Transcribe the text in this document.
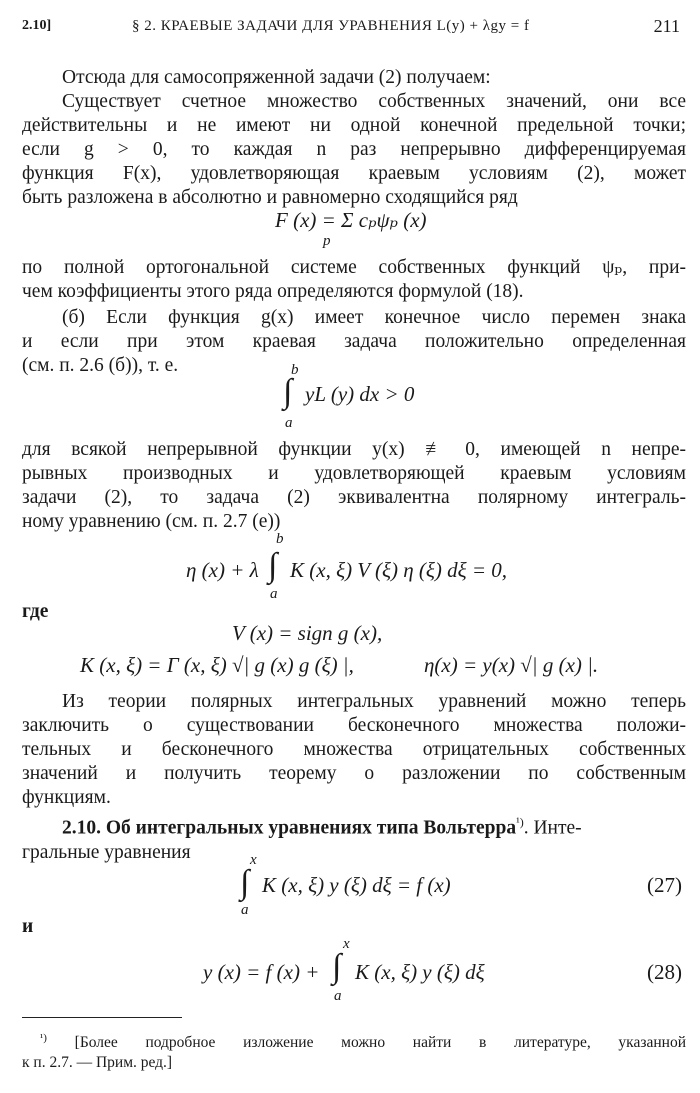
2.10]	§ 2. КРАЕВЫЕ ЗАДАЧИ ДЛЯ УРАВНЕНИЯ L(y) + λgy = f	211
Отсюда для самосопряженной задачи (2) получаем:
Существует счетное множество собственных значений, они все
действительны и не имеют ни одной конечной предельной точки;
если g > 0, то каждая n раз непрерывно дифференцируемая
функция F(x), удовлетворяющая краевым условиям (2), может
быть разложена в абсолютно и равномерно сходящийся ряд
F (x) = Σ cₚψₚ (x)
p
по полной ортогональной системе собственных функций ψₚ, при-
чем коэффициенты этого ряда определяются формулой (18).
(б) Если функция g(x) имеет конечное число перемен знака
и если при этом краевая задача положительно определенная
(см. п. 2.6 (б)), т. е.	b
∫ yL (y) dx > 0
a
для всякой непрерывной функции y(x) ≢ 0, имеющей n непре-
рывных производных и удовлетворяющей краевым условиям
задачи (2), то задача (2) эквивалентна полярному интеграль-
ному уравнению (см. п. 2.7 (е))
b
η (x) + λ ∫ K (x, ξ) V (ξ) η (ξ) dξ = 0,
a
где
V (x) = sign g (x),
K (x, ξ) = Γ (x, ξ) √| g (x) g (ξ) |,	η(x) = y(x) √| g (x) |.
Из теории полярных интегральных уравнений можно теперь
заключить о существовании бесконечного множества положи-
тельных и бесконечного множества отрицательных собственных
значений и получить теорему о разложении по собственным
функциям.
2.10. Об интегральных уравнениях типа Вольтерра$^{^1)}$. Инте-
гральные уравнения	x
∫ K (x, ξ) y (ξ) dξ = f (x)
a
(27)
и
x
y (x) = f (x) + ∫ K (x, ξ) y (ξ) dξ
a
(28)
$^{^1)}$ [Более подробное изложение можно найти в литературе, указанной
к п. 2.7. — Прим. ред.]
